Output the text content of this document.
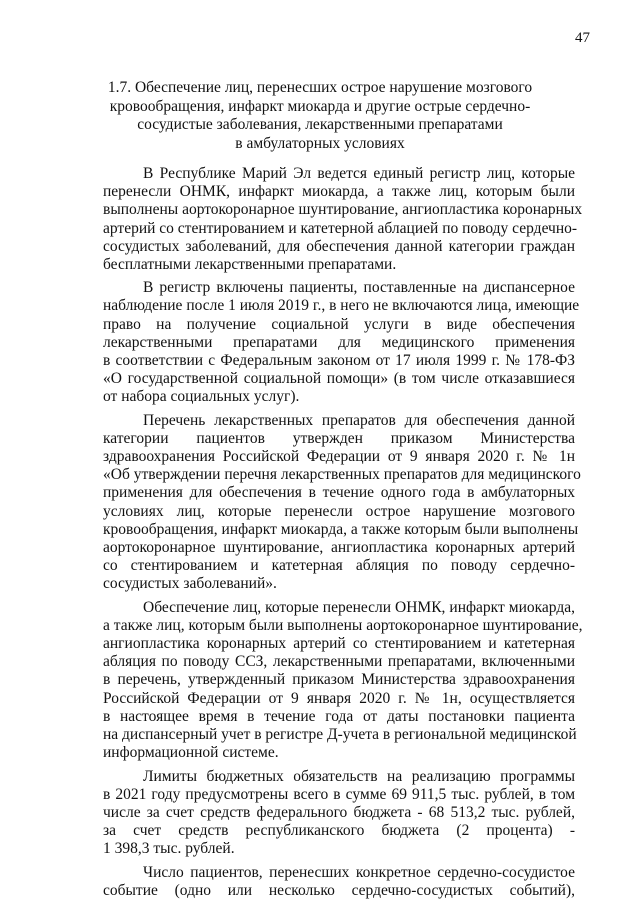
47
1.7. Обеспечение лиц, перенесших острое нарушение мозгового
кровообращения, инфаркт миокарда и другие острые сердечно-
сосудистые заболевания, лекарственными препаратами
в амбулаторных условиях
В Республике Марий Эл ведется единый регистр лиц, которые
перенесли ОНМК, инфаркт миокарда, а также лиц, которым были
выполнены аортокоронарное шунтирование, ангиопластика коронарных
артерий со стентированием и катетерной аблацией по поводу сердечно-
сосудистых заболеваний, для обеспечения данной категории граждан
бесплатными лекарственными препаратами.
В регистр включены пациенты, поставленные на диспансерное
наблюдение после 1 июля 2019 г., в него не включаются лица, имеющие
право на получение социальной услуги в виде обеспечения
лекарственными препаратами для медицинского применения
в соответствии с Федеральным законом от 17 июля 1999 г. № 178-ФЗ
«О государственной социальной помощи» (в том числе отказавшиеся
от набора социальных услуг).
Перечень лекарственных препаратов для обеспечения данной
категории пациентов утвержден приказом Министерства
здравоохранения Российской Федерации от 9 января 2020 г. № 1н
«Об утверждении перечня лекарственных препаратов для медицинского
применения для обеспечения в течение одного года в амбулаторных
условиях лиц, которые перенесли острое нарушение мозгового
кровообращения, инфаркт миокарда, а также которым были выполнены
аортокоронарное шунтирование, ангиопластика коронарных артерий
со стентированием и катетерная абляция по поводу сердечно-
сосудистых заболеваний».
Обеспечение лиц, которые перенесли ОНМК, инфаркт миокарда,
а также лиц, которым были выполнены аортокоронарное шунтирование,
ангиопластика коронарных артерий со стентированием и катетерная
абляция по поводу ССЗ, лекарственными препаратами, включенными
в перечень, утвержденный приказом Министерства здравоохранения
Российской Федерации от 9 января 2020 г. № 1н, осуществляется
в настоящее время в течение года от даты постановки пациента
на диспансерный учет в регистре Д-учета в региональной медицинской
информационной системе.
Лимиты бюджетных обязательств на реализацию программы
в 2021 году предусмотрены всего в сумме 69 911,5 тыс. рублей, в том
числе за счет средств федерального бюджета - 68 513,2 тыс. рублей,
за счет средств республиканского бюджета (2 процента) -
1 398,3 тыс. рублей.
Число пациентов, перенесших конкретное сердечно-сосудистое
событие (одно или несколько сердечно-сосудистых событий),
